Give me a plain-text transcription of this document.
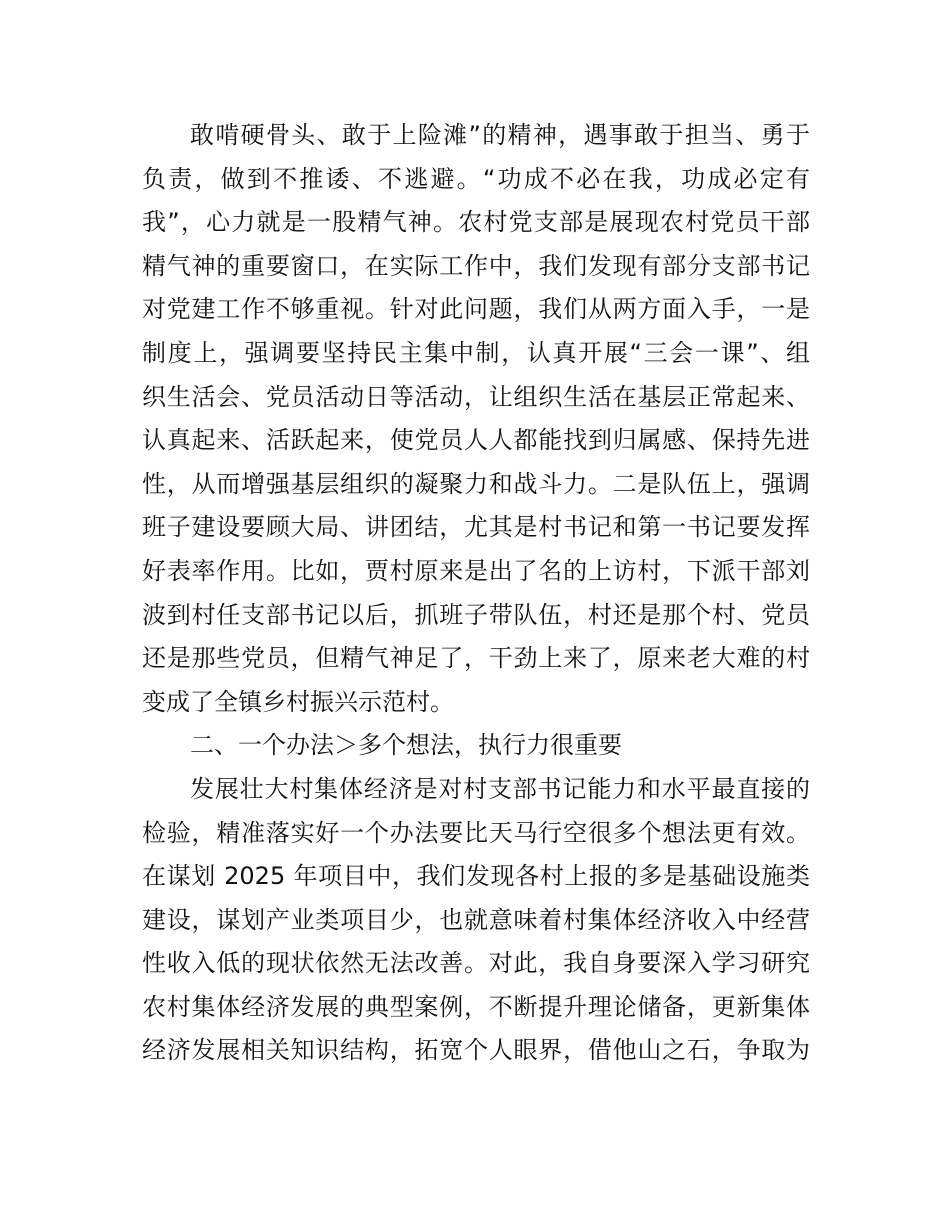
敢啃硬骨头、敢于上险滩”的精神，遇事敢于担当、勇于
负责，做到不推诿、不逃避。“功成不必在我，功成必定有
我”，心力就是一股精气神。农村党支部是展现农村党员干部
精气神的重要窗口，在实际工作中，我们发现有部分支部书记
对党建工作不够重视。针对此问题，我们从两方面入手，一是
制度上，强调要坚持民主集中制，认真开展“三会一课”、组
织生活会、党员活动日等活动，让组织生活在基层正常起来、
认真起来、活跃起来，使党员人人都能找到归属感、保持先进
性，从而增强基层组织的凝聚力和战斗力。二是队伍上，强调
班子建设要顾大局、讲团结，尤其是村书记和第一书记要发挥
好表率作用。比如，贾村原来是出了名的上访村，下派干部刘
波到村任支部书记以后，抓班子带队伍，村还是那个村、党员
还是那些党员，但精气神足了，干劲上来了，原来老大难的村
变成了全镇乡村振兴示范村。
二、一个办法＞多个想法，执行力很重要
发展壮大村集体经济是对村支部书记能力和水平最直接的
检验，精准落实好一个办法要比天马行空很多个想法更有效。
在谋划 2025 年项目中，我们发现各村上报的多是基础设施类
建设，谋划产业类项目少，也就意味着村集体经济收入中经营
性收入低的现状依然无法改善。对此，我自身要深入学习研究
农村集体经济发展的典型案例，不断提升理论储备，更新集体
经济发展相关知识结构，拓宽个人眼界，借他山之石，争取为
